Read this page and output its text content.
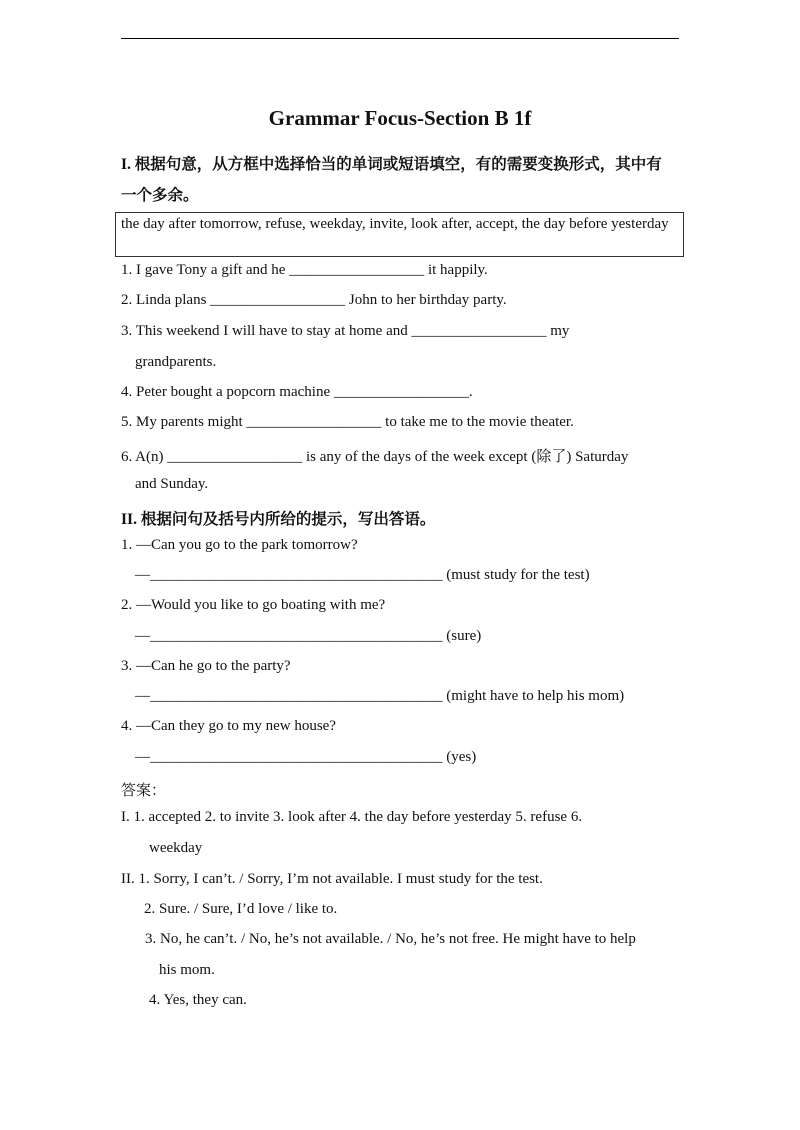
Grammar Focus-Section B 1f
I. 根据句意，从方框中选择恰当的单词或短语填空，有的需要变换形式，其中有
一个多余。
the day after tomorrow, refuse, weekday, invite, look after, accept, the day before yesterday
1. I gave Tony a gift and he __________________ it happily.
2. Linda plans __________________ John to her birthday party.
3. This weekend I will have to stay at home and __________________ my
grandparents.
4. Peter bought a popcorn machine __________________.
5. My parents might __________________ to take me to the movie theater.
6. A(n) __________________ is any of the days of the week except (除了) Saturday
and Sunday.
II. 根据问句及括号内所给的提示，写出答语。
1. —Can you go to the park tomorrow?
—_______________________________________ (must study for the test)
2. —Would you like to go boating with me?
—_______________________________________ (sure)
3. —Can he go to the party?
—_______________________________________ (might have to help his mom)
4. —Can they go to my new house?
—_______________________________________ (yes)
答案：
I. 1. accepted 2. to invite 3. look after 4. the day before yesterday 5. refuse 6.
weekday
II. 1. Sorry, I can’t. / Sorry, I’m not available. I must study for the test.
2. Sure. / Sure, I’d love / like to.
3. No, he can’t. / No, he’s not available. / No, he’s not free. He might have to help
his mom.
4. Yes, they can.
